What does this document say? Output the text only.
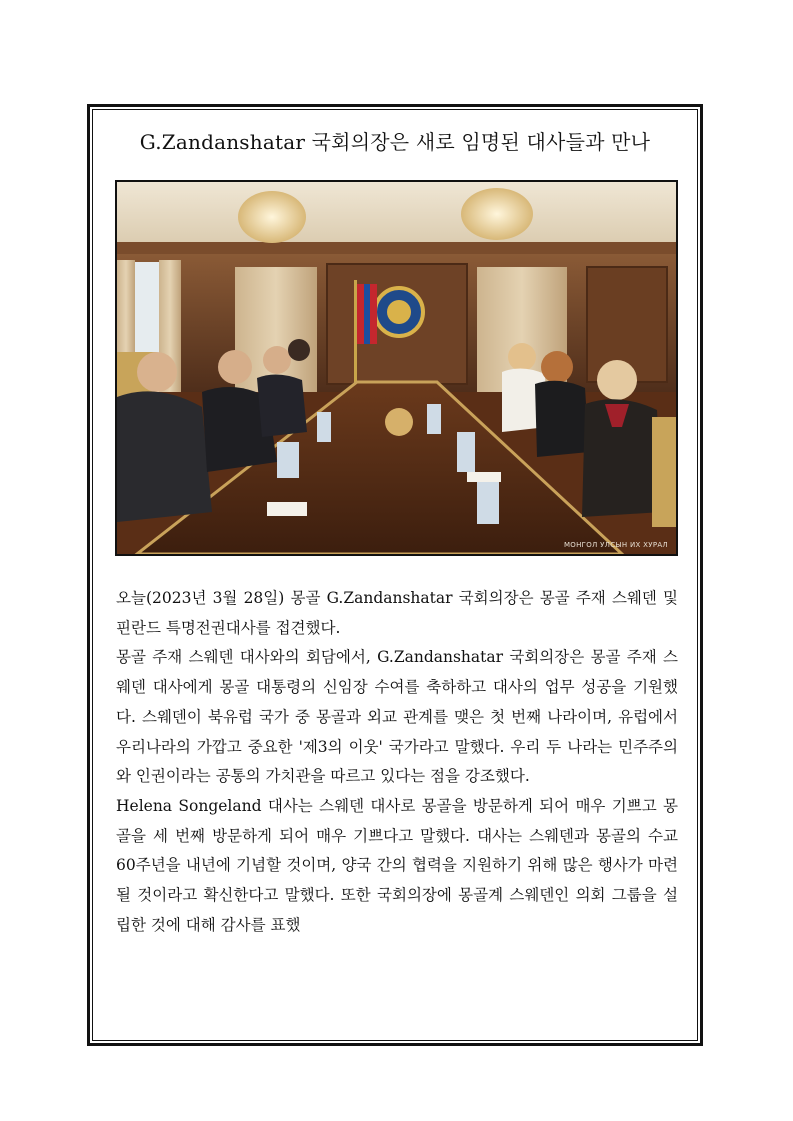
G.Zandanshatar 국회의장은 새로 임명된 대사들과 만나
МОНГОЛ УЛСЫН ИХ ХУРАЛ

오늘(2023년 3월 28일) 몽골 G.Zandanshatar 국회의장은 몽골 주재 스웨덴 및 핀란드 특명전권대사를 접견했다.

몽골 주재 스웨덴 대사와의 회담에서, G.Zandanshatar 국회의장은 몽골 주재 스웨덴 대사에게 몽골 대통령의 신임장 수여를 축하하고 대사의 업무 성공을 기원했다. 스웨덴이 북유럽 국가 중 몽골과 외교 관계를 맺은 첫 번째 나라이며, 유럽에서 우리나라의 가깝고 중요한 '제3의 이웃' 국가라고 말했다. 우리 두 나라는 민주주의와 인권이라는 공통의 가치관을 따르고 있다는 점을 강조했다.

Helena Songeland 대사는 스웨덴 대사로 몽골을 방문하게 되어 매우 기쁘고 몽골을 세 번째 방문하게 되어 매우 기쁘다고 말했다. 대사는 스웨덴과 몽골의 수교 60주년을 내년에 기념할 것이며, 양국 간의 협력을 지원하기 위해 많은 행사가 마련될 것이라고 확신한다고 말했다. 또한 국회의장에 몽골계 스웨덴인 의회 그룹을 설립한 것에 대해 감사를 표했
